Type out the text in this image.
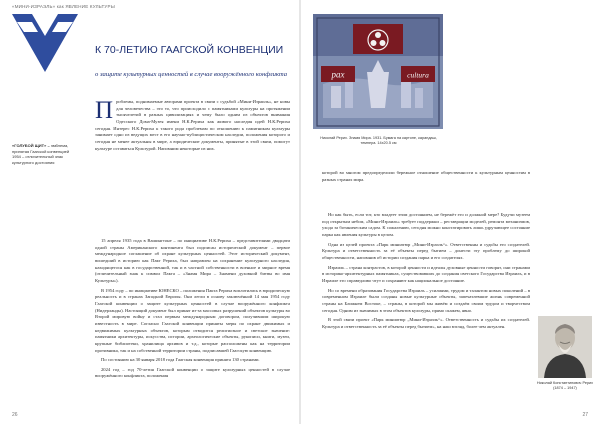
«МИНИ-ИЗРАЭЛЬ» как ЯВЛЕНИЕ КУЛЬТУРЫ
«ГОЛУБОЙ ЩИТ» – эмблема, принятая Гаагской конвенцией 1954 – отличительный знак культурного достояния
К 70-ЛЕТИЮ ГААГСКОЙ КОНВЕНЦИИ
о защите культурных ценностей в случае вооружённого конфликта
П роблемы, поднимаемые авторами проекта в связи с судьбой «Мини-Израиль», не новы для человечества – это то, что происходило с памятниками культуры на протяжении тысячелетий в разных цивилизациях и чему было одним из объектов внимания Одесского Дома-Музея имени Н.К.Рериха как живого наследия идей Н.К.Рериха сегодня. Интерес Н.К.Рериха к такого рода проблемам по отношению к памятникам культуры занимает одно из ведущих мест в его научно-публицистическом наследии, положения которого и сегодня не менее актуальны в мире, а юридические документы, принятые в этой связи, помогут культуре оставаться Культурой. Напомним некоторые из них.

15 апреля 1935 года в Вашингтоне – по инициативе Н.К.Рериха – представителями двадцати одной страны Американского континента был подписан исторический документ – первое международное соглашение об охране культурных ценностей. Этот исторический документ, вошедший в историю как Пакт Рериха, был направлен на сохранение культурного наследия, находящегося как в государственной, так и в частной собственности в военное и мирное время (отличительный знак к символ Пакта – «Знамя Мира – Знамени духовной битвы во имя Культуры»).

В 1954 году – по инициативе ЮНЕСКО – положения Пакта Рериха воплотились в юридическую реальность и в странах Западной Европы. Они легли в основу заключённой 14 мая 1954 году Гаагской конвенции о защите культурных ценностей в случае вооружённого конфликта (Нидерланды). Настоящий документ был принят из-за массовых разрушений объектов культуры во Второй мировую войну и стал первым международным договором, получившим широкую известность в мире. Согласно Гаагской конвенции приняты меры по охране движимых и недвижимых культурных объектов, которым отводится религиозное и светское значение: памятники архитектуры, искусства, истории, археологические объекты, рукописи, книги, музеи, крупные библиотеки, хранилища архивов и т.д., которые расположены как на территории противника, так и на собственной территории страны, подписавшей Гаагскую конвенцию.

По состоянию на 30 января 2018 года Гаагская конвенция принята 130 странами.

2024 год – год 70-летия Гаагской конвенции о защите культурных ценностей в случае вооружённого конфликта, положения

26
pax	cultura
Николай Рерих. Знамя Мира. 1931. Бумага на картоне, карандаш, темпера. 14х20.5 см

которой во многом предопределили бережное отношение общественности к культурным ценностям в разных странах мира.

Но как быть, если тот, кто владеет этим достоянием, не бережёт его и должной мере? Будучи музеем под открытым небом, «Мини-Израиль» требует поддержки – реставрации моделей, ремонта механизмов, ухода за ботаническим садом. К сожалению, сегодня можно констатировать лишь удручающее состояние парка как явления культуры в целом.

Одна из целей проекта «Парк миниатюр „Мини-Израэль“». Ответственны и судьбы его создателей. Культура и ответственность за её объекты перед бытием – донести эту проблему до широкой общественности, напомнив об истории создания парка и его создателях.

Израиль – страна контрастов, в которой ценности и идеалы духовные ценности говорят, они странами в историко-архитектурных памятниках, существовавших до создания светского Государства Израиль, и в Израиле это справедливо чтут и сохраняют как национальное достояние.

Но со времени образования Государства Израиль – усилиями, трудом и талантом новых поколений – в современном Израиле были созданы новые культурные объекты, запечатлевшие жизнь современной страны на Ближнем Востоке, – страны, в которой мы живём и создаём своим трудом и творчеством сегодня. Одним из значимых в этом объектов культуры, прямо скажем, явно.

В этой связи проект «Парк миниатюр „Мини-Израэль“». Ответственность и судьбы их создателей. Культура и ответственность за её объекты перед бытием», на наш взгляд, более чем актуален.

Николай Константинович Рерих (1874 – 1947)
27
